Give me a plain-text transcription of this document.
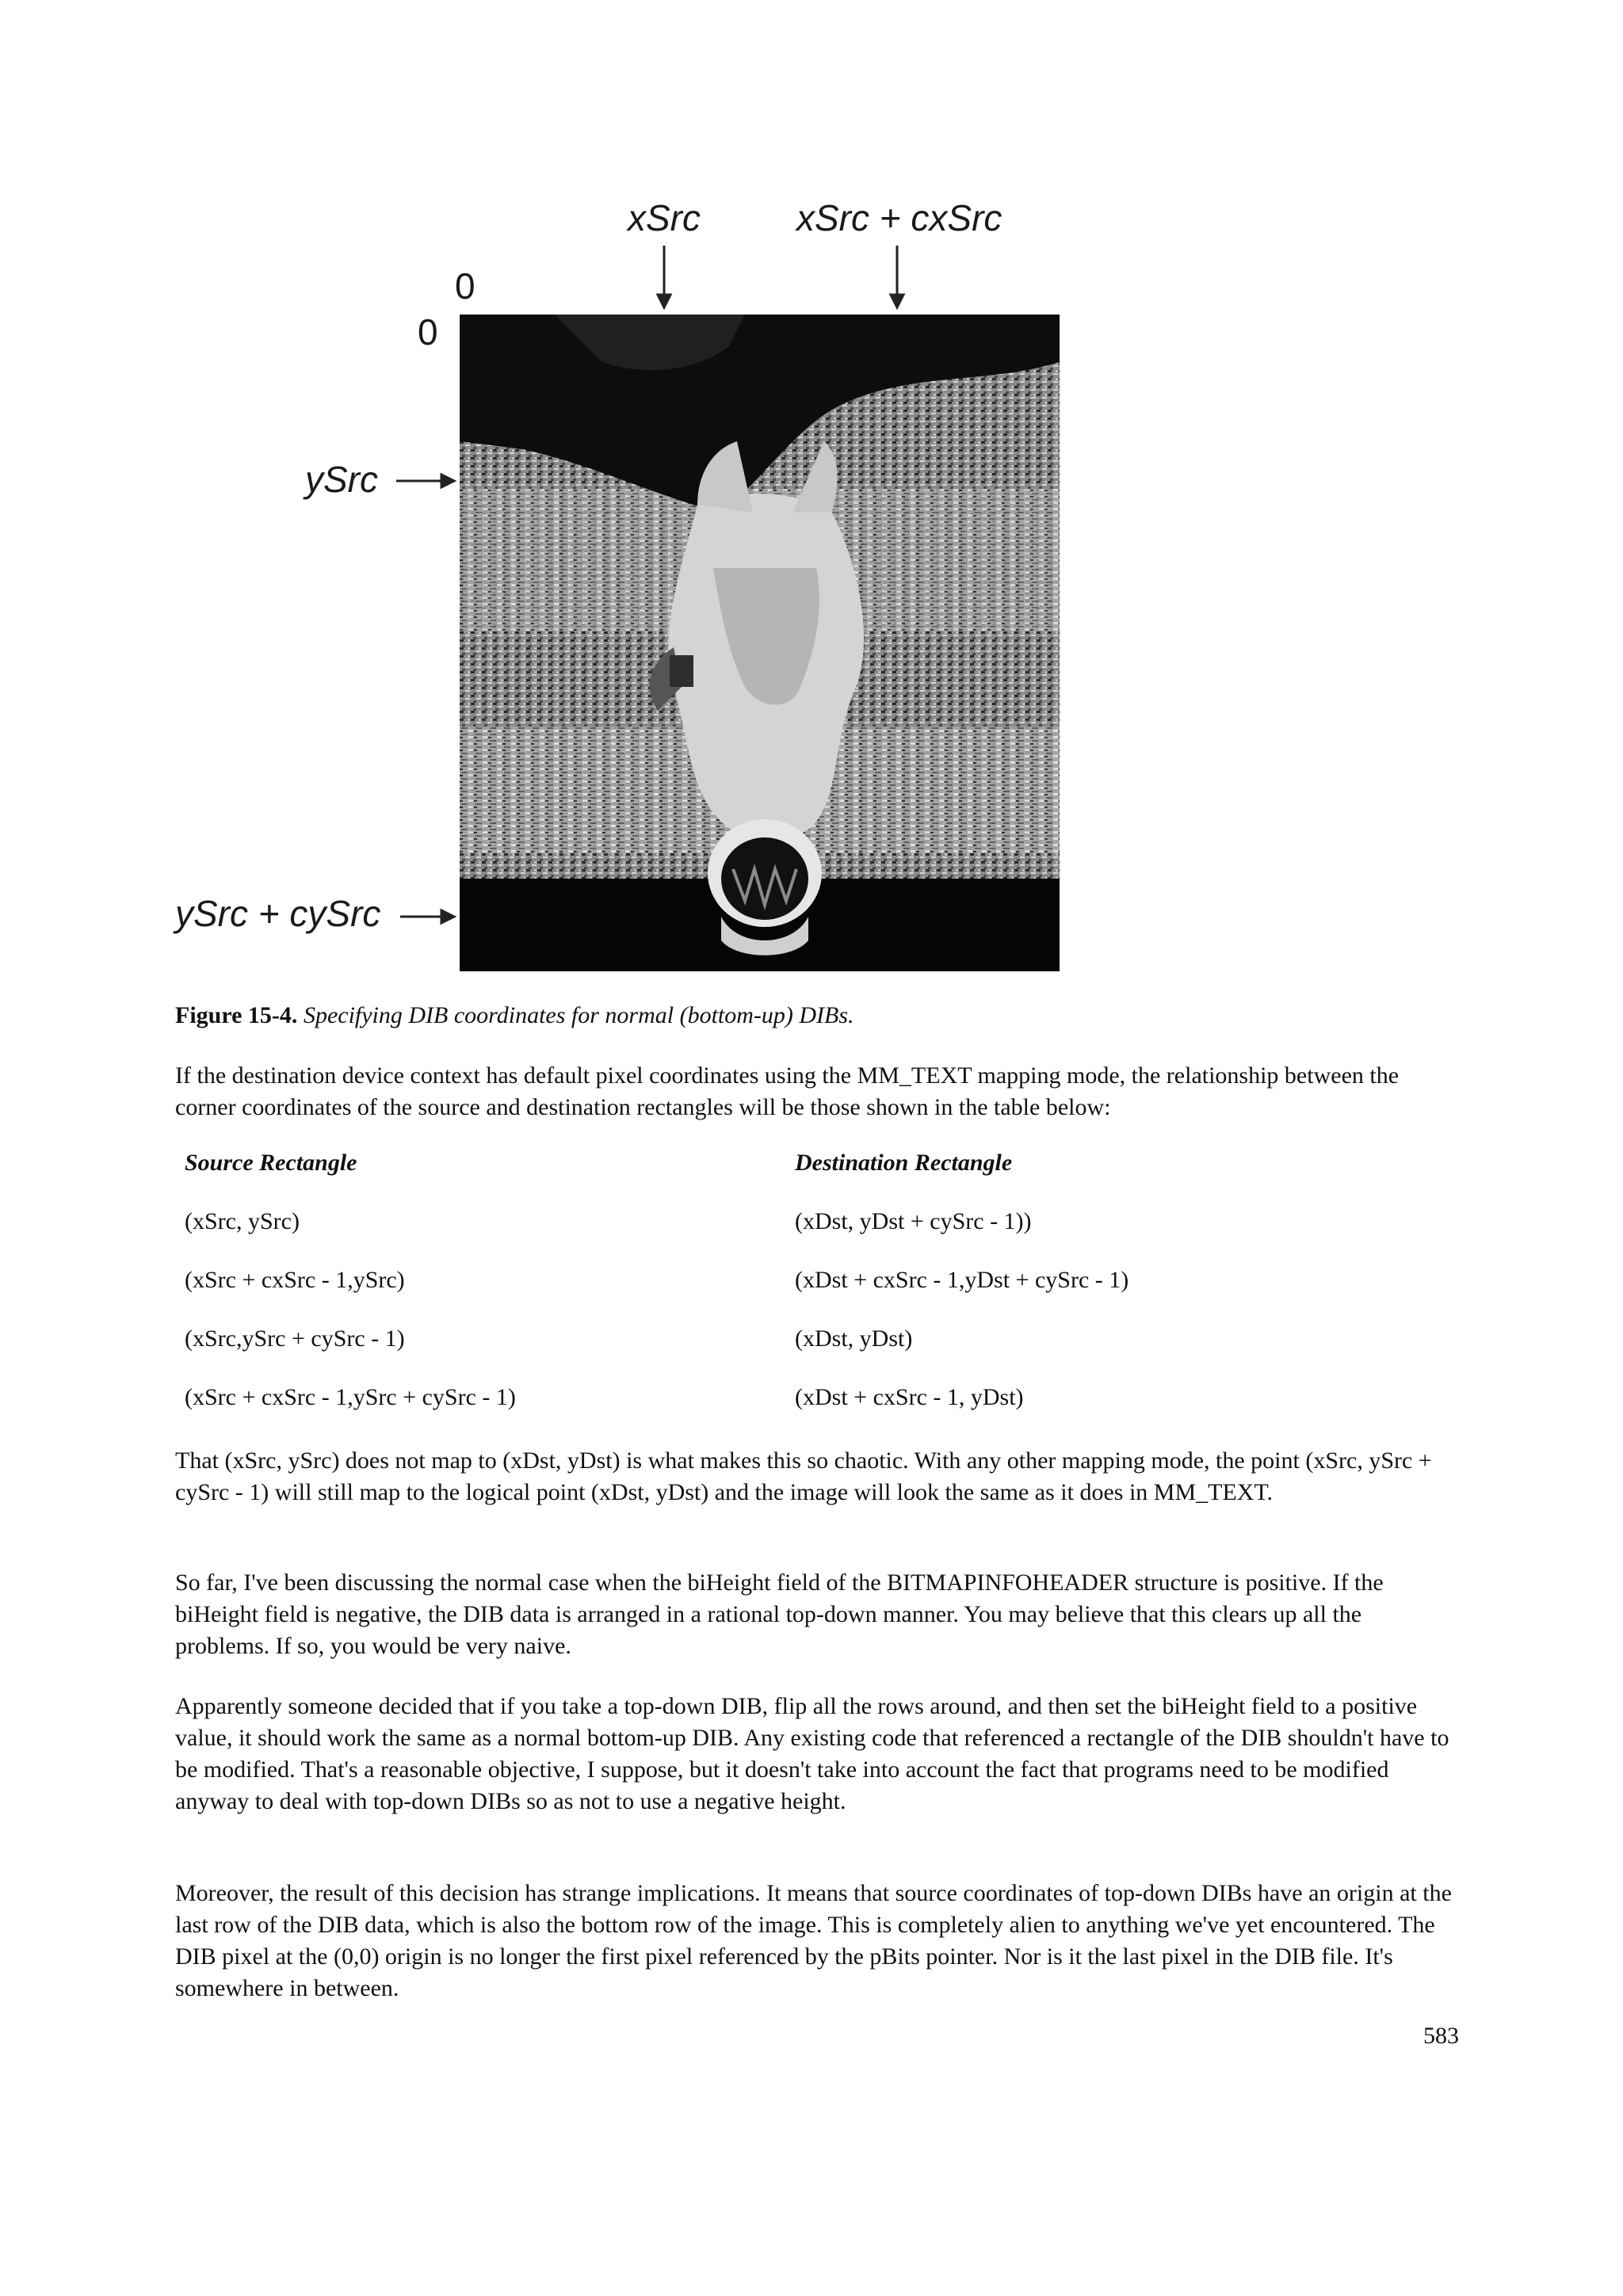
xSrc	xSrc + cxSrc
0
0
ySrc
ySrc + cySrc
Figure 15-4. Specifying DIB coordinates for normal (bottom-up) DIBs.
If the destination device context has default pixel coordinates using the MM_TEXT mapping mode, the relationship between the corner coordinates of the source and destination rectangles will be those shown in the table below:
Source Rectangle	Destination Rectangle
(xSrc, ySrc)	(xDst, yDst + cySrc - 1))
(xSrc + cxSrc - 1,ySrc)	(xDst + cxSrc - 1,yDst + cySrc - 1)
(xSrc,ySrc + cySrc - 1)	(xDst, yDst)
(xSrc + cxSrc - 1,ySrc + cySrc - 1)	(xDst + cxSrc - 1, yDst)
That (xSrc, ySrc) does not map to (xDst, yDst) is what makes this so chaotic. With any other mapping mode, the point (xSrc, ySrc + cySrc - 1) will still map to the logical point (xDst, yDst) and the image will look the same as it does in MM_TEXT.
So far, I've been discussing the normal case when the biHeight field of the BITMAPINFOHEADER structure is positive. If the biHeight field is negative, the DIB data is arranged in a rational top-down manner. You may believe that this clears up all the problems. If so, you would be very naive.
Apparently someone decided that if you take a top-down DIB, flip all the rows around, and then set the biHeight field to a positive value, it should work the same as a normal bottom-up DIB. Any existing code that referenced a rectangle of the DIB shouldn't have to be modified. That's a reasonable objective, I suppose, but it doesn't take into account the fact that programs need to be modified anyway to deal with top-down DIBs so as not to use a negative height.
Moreover, the result of this decision has strange implications. It means that source coordinates of top-down DIBs have an origin at the last row of the DIB data, which is also the bottom row of the image. This is completely alien to anything we've yet encountered. The DIB pixel at the (0,0) origin is no longer the first pixel referenced by the pBits pointer. Nor is it the last pixel in the DIB file. It's somewhere in between.
583
